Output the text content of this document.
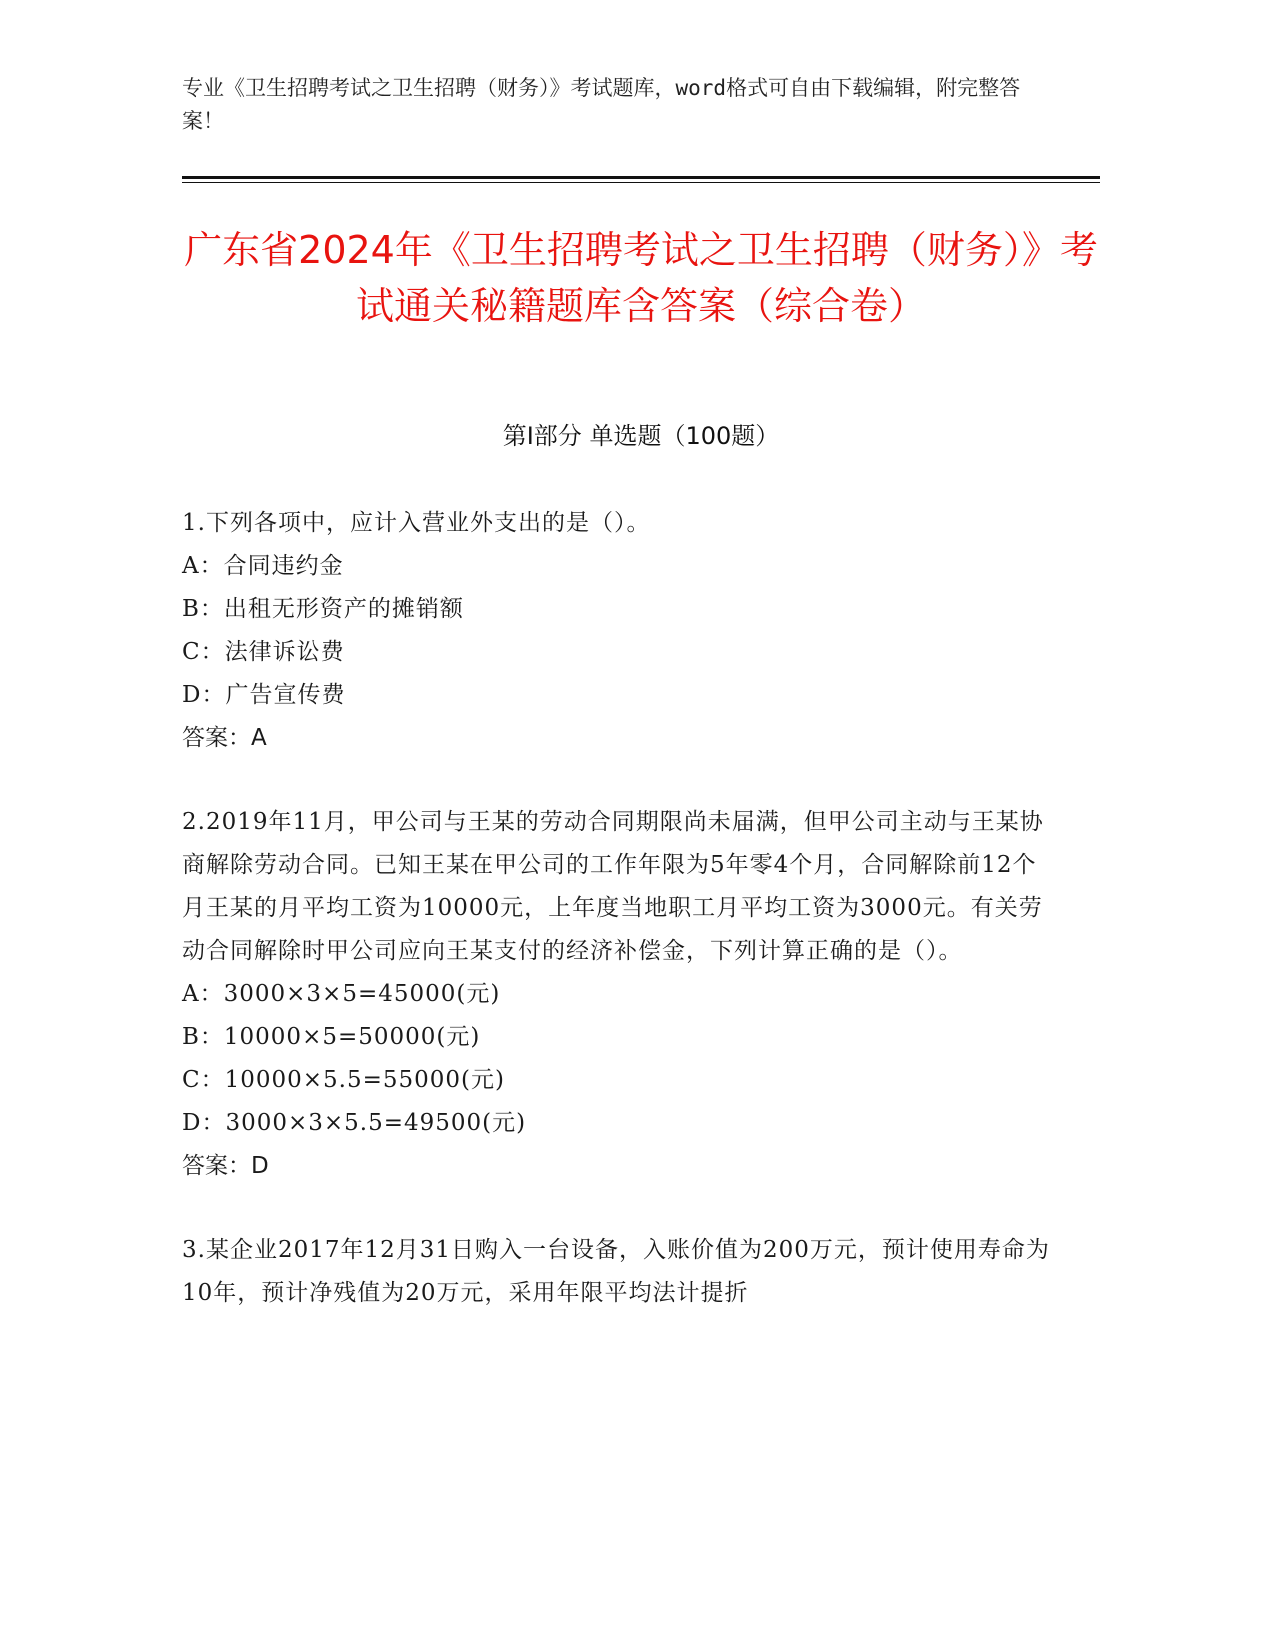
专业《卫生招聘考试之卫生招聘（财务）》考试题库，word格式可自由下载编辑，附完整答案！
广东省2024年《卫生招聘考试之卫生招聘（财务）》考试通关秘籍题库含答案（综合卷）
第I部分 单选题（100题）

1.下列各项中，应计入营业外支出的是（）。

A：合同违约金

B：出租无形资产的摊销额

C：法律诉讼费

D：广告宣传费

答案：A

2.2019年11月，甲公司与王某的劳动合同期限尚未届满，但甲公司主动与王某协商解除劳动合同。已知王某在甲公司的工作年限为5年零4个月，合同解除前12个月王某的月平均工资为10000元，上年度当地职工月平均工资为3000元。有关劳动合同解除时甲公司应向王某支付的经济补偿金，下列计算正确的是（）。

A：3000×3×5=45000(元)

B：10000×5=50000(元)

C：10000×5.5=55000(元)

D：3000×3×5.5=49500(元)

答案：D

3.某企业2017年12月31日购入一台设备，入账价值为200万元，预计使用寿命为10年，预计净残值为20万元，采用年限平均法计提折
